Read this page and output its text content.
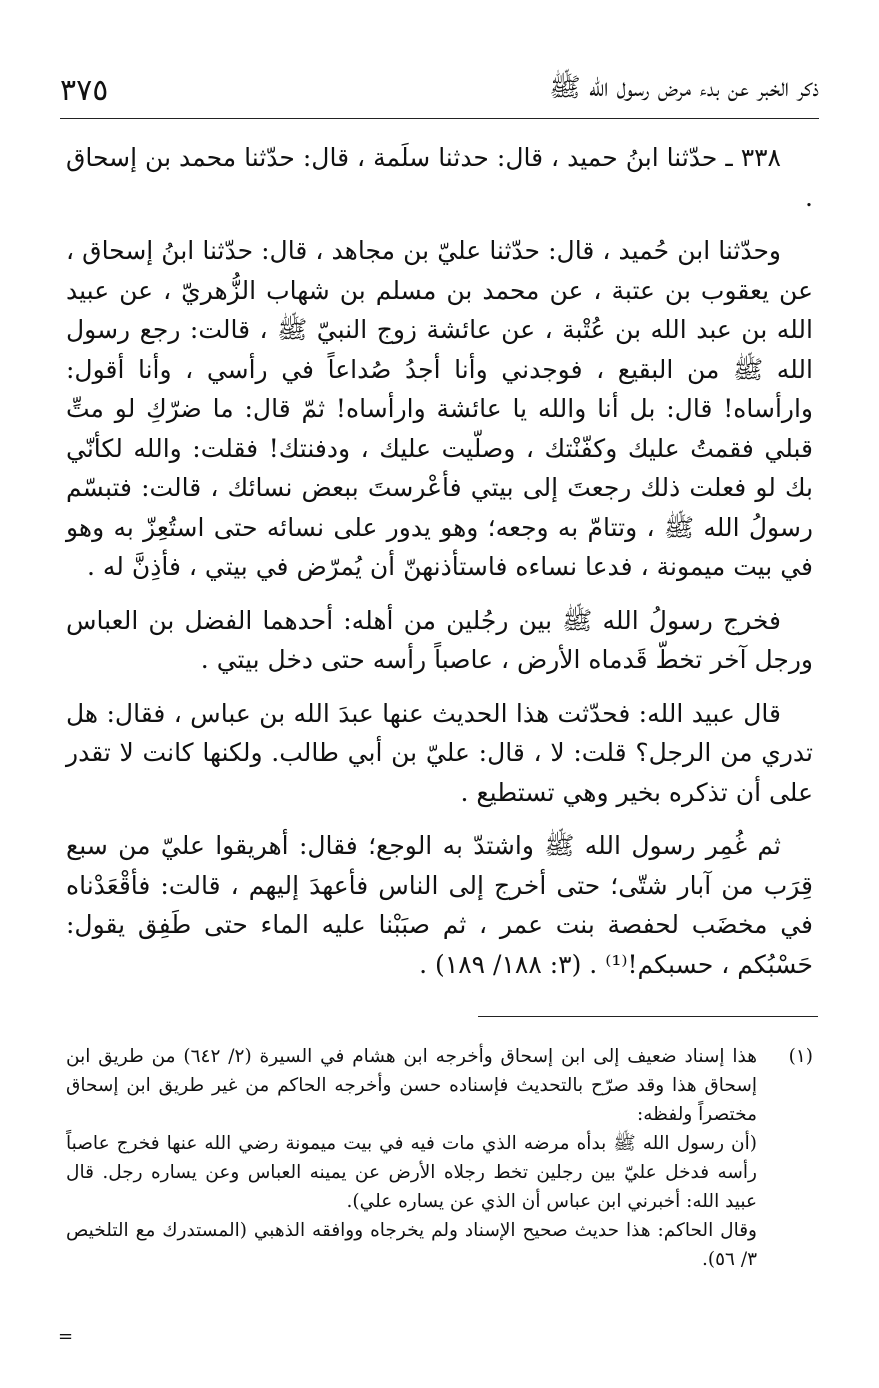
٣٧٥	ذكر الخبر عن بدء مرض رسول الله ﷺ

٣٣٨ ـ حدّثنا ابنُ حميد ، قال: حدثنا سلَمة ، قال: حدّثنا محمد بن إسحاق .

وحدّثنا ابن حُميد ، قال: حدّثنا عليّ بن مجاهد ، قال: حدّثنا ابنُ إسحاق ، عن يعقوب بن عتبة ، عن محمد بن مسلم بن شهاب الزُّهريّ ، عن عبيد الله بن عبد الله بن عُتْبة ، عن عائشة زوج النبيّ ﷺ ، قالت: رجع رسول الله ﷺ من البقيع ، فوجدني وأنا أجدُ صُداعاً في رأسي ، وأنا أقول: وارأساه! قال: بل أنا والله يا عائشة وارأساه! ثمّ قال: ما ضرّكِ لو متِّ قبلي فقمتُ عليك وكفّنْتك ، وصلّيت عليك ، ودفنتك! فقلت: والله لكأنّي بك لو فعلت ذلك رجعتَ إلى بيتي فأعْرستَ ببعض نسائك ، قالت: فتبسّم رسولُ الله ﷺ ، وتتامّ به وجعه؛ وهو يدور على نسائه حتى استُعِزّ به وهو في بيت ميمونة ، فدعا نساءه فاستأذنهنّ أن يُمرّض في بيتي ، فأذِنَّ له .

فخرج رسولُ الله ﷺ بين رجُلين من أهله: أحدهما الفضل بن العباس ورجل آخر تخطّ قَدماه الأرض ، عاصباً رأسه حتى دخل بيتي .

قال عبيد الله: فحدّثت هذا الحديث عنها عبدَ الله بن عباس ، فقال: هل تدري من الرجل؟ قلت: لا ، قال: عليّ بن أبي طالب. ولكنها كانت لا تقدر على أن تذكره بخير وهي تستطيع .

ثم غُمِر رسول الله ﷺ واشتدّ به الوجع؛ فقال: أهريقوا عليّ من سبع قِرَب من آبار شتّى؛ حتى أخرج إلى الناس فأعهدَ إليهم ، قالت: فأقْعَدْناه في مخضَب لحفصة بنت عمر ، ثم صبَبْنا عليه الماء حتى طَفِق يقول: حَسْبُكم ، حسبكم!⁽¹⁾ . (٣: ١٨٨/ ١٨٩) .

(١)

هذا إسناد ضعيف إلى ابن إسحاق وأخرجه ابن هشام في السيرة (٢/ ٦٤٢) من طريق ابن إسحاق هذا وقد صرّح بالتحديث فإسناده حسن وأخرجه الحاكم من غير طريق ابن إسحاق مختصراً ولفظه:

(أن رسول الله ﷺ بدأه مرضه الذي مات فيه في بيت ميمونة رضي الله عنها فخرج عاصباً رأسه فدخل عليّ بين رجلين تخط رجلاه الأرض عن يمينه العباس وعن يساره رجل. قال عبيد الله: أخبرني ابن عباس أن الذي عن يساره علي).

وقال الحاكم: هذا حديث صحيح الإسناد ولم يخرجاه ووافقه الذهبي (المستدرك مع التلخيص ٣/ ٥٦).

=
